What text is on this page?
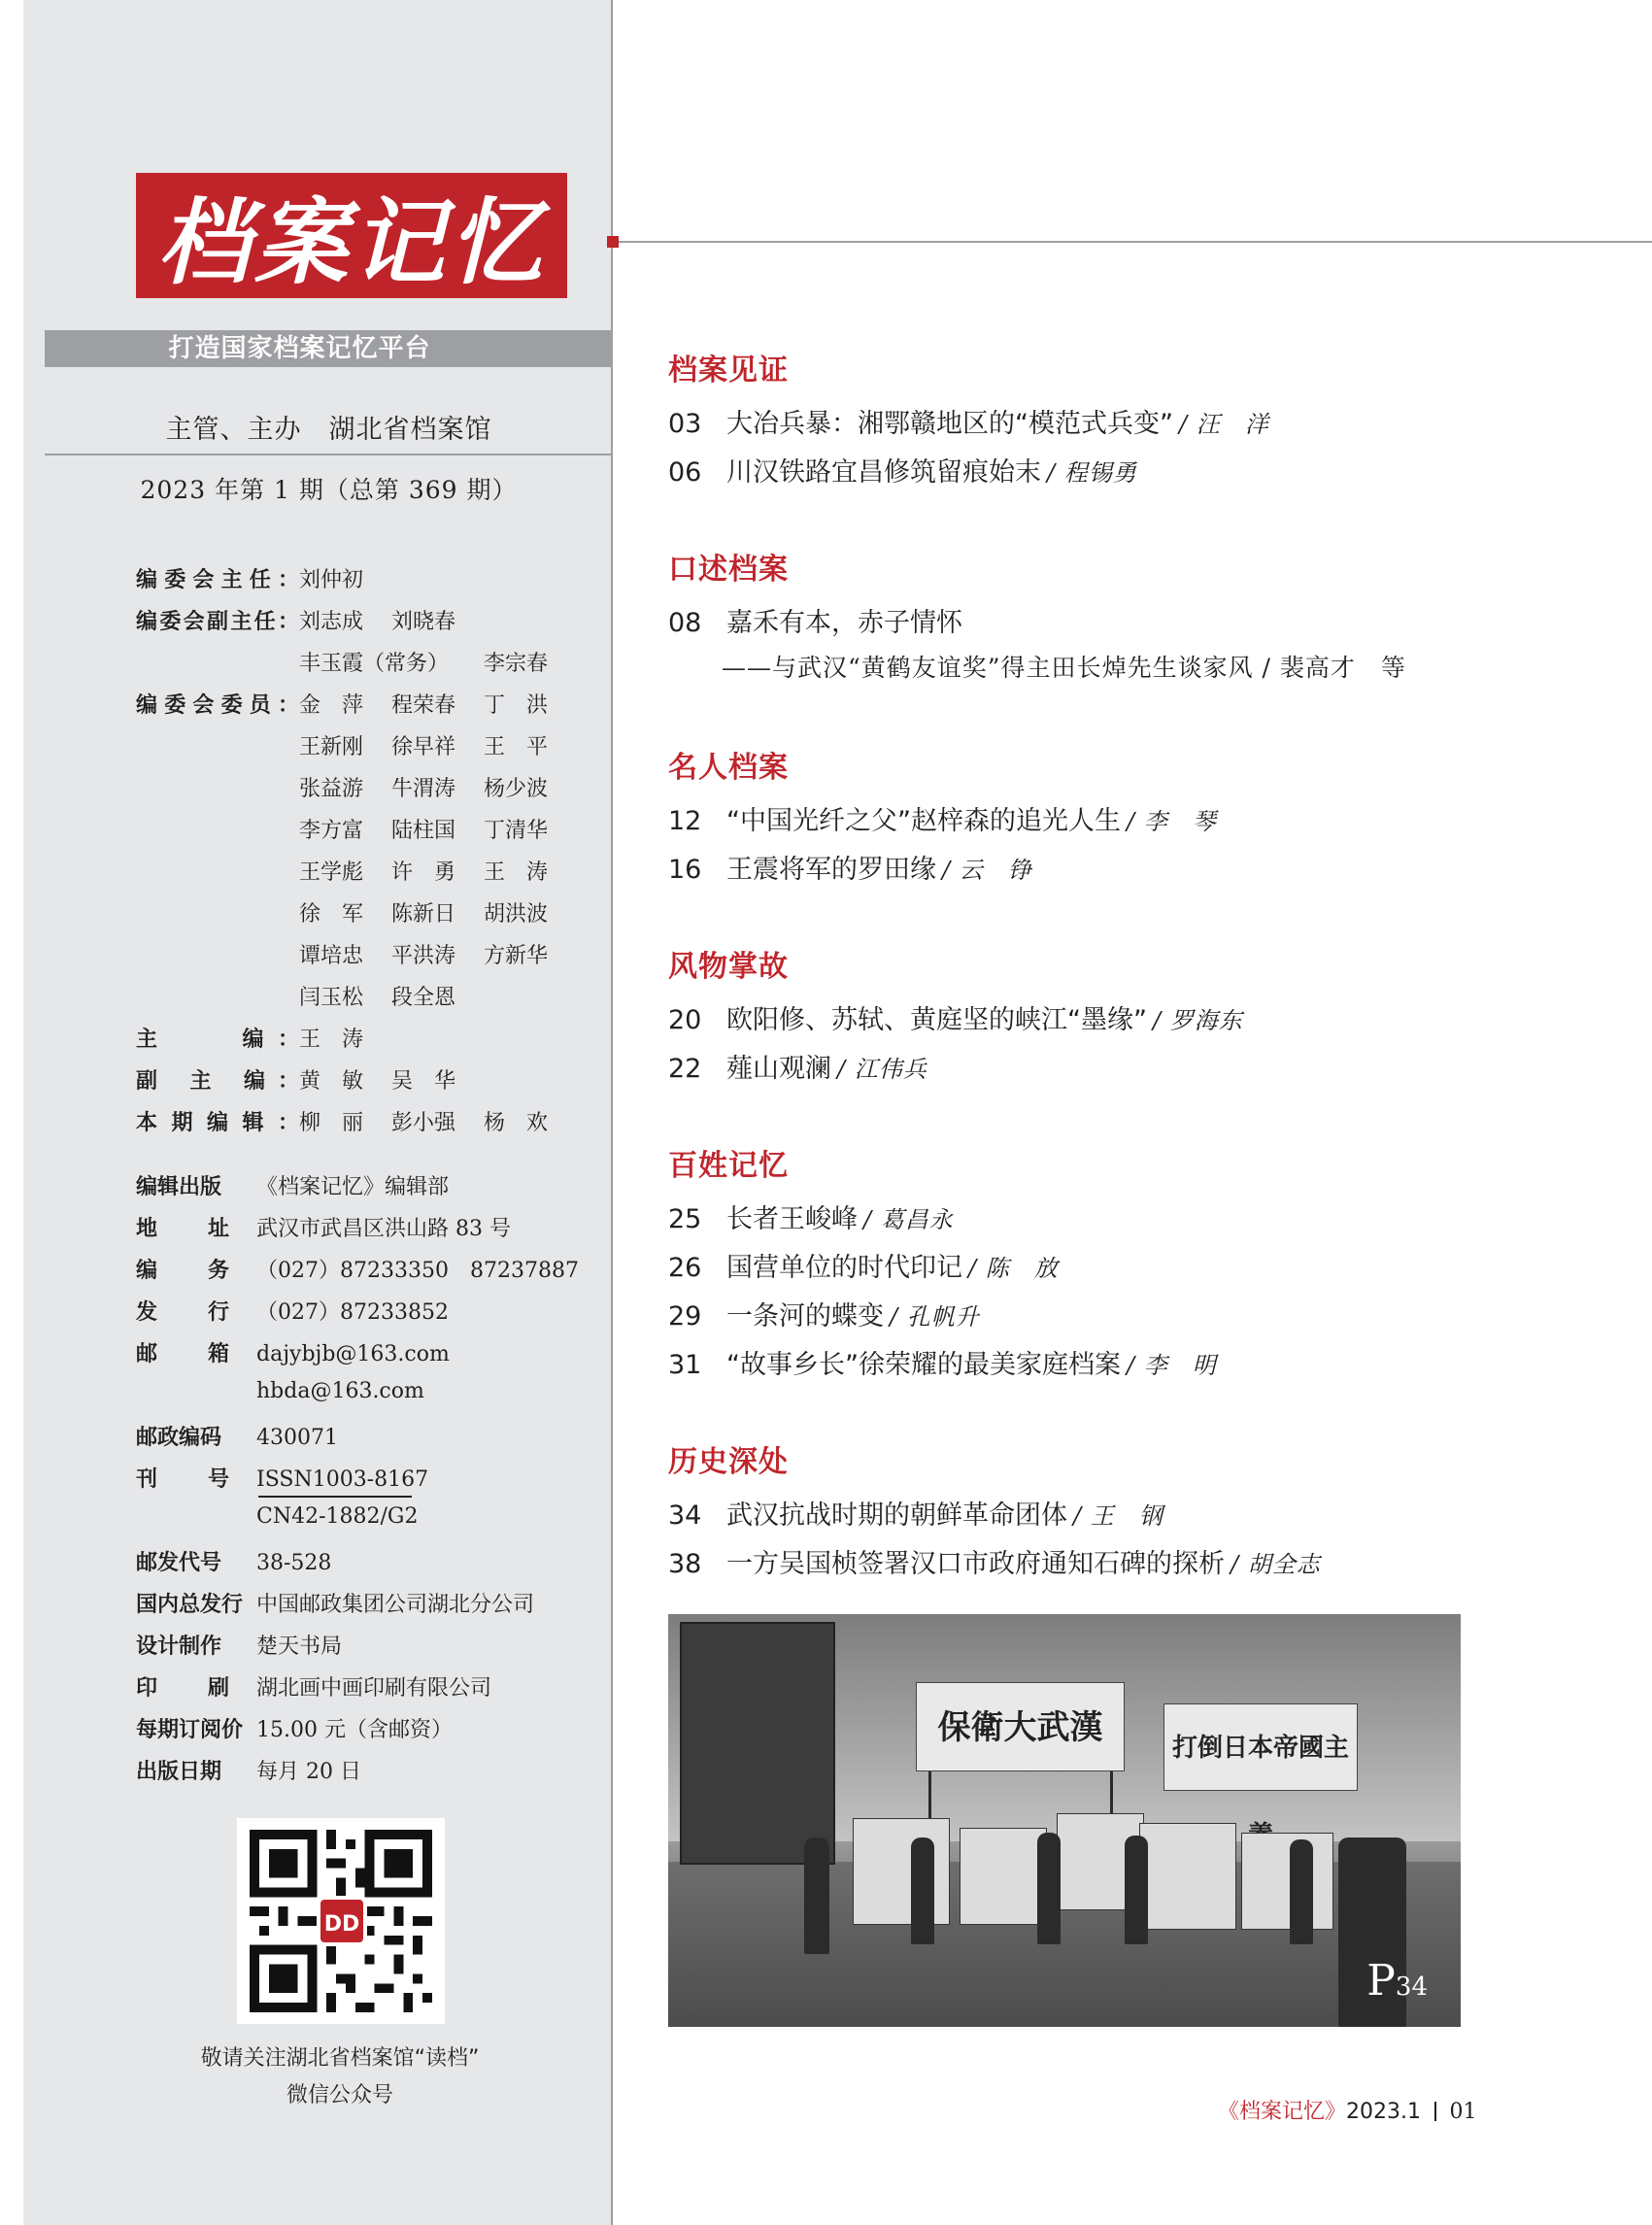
档案记忆
打造国家档案记忆平台
主管、主办　湖北省档案馆
2023 年第 1 期（总第 369 期）
编委会主任： 刘仲初
编委会副主任： 刘志成	刘晓春
丰玉霞（常务）	李宗春
编委会委员： 金　萍	程荣春	丁　洪
王新刚	徐早祥	王　平
张益游	牛渭涛	杨少波
李方富	陆柱国	丁清华
王学彪	许　勇	王　涛
徐　军	陈新日	胡洪波
谭培忠	平洪涛	方新华
闫玉松	段全恩
主　　编： 王　涛
副 主 编： 黄　敏	吴　华
本期编辑： 柳　丽	彭小强	杨　欢
编辑出版	《档案记忆》编辑部
地　址 武汉市武昌区洪山路 83 号
编　务 （027）87233350　87237887
发　行 （027）87233852
邮　箱 dajybjb@163.com
hbda@163.com
邮政编码	430071
刊　号 ISSN1003-8167
CN42-1882/G2
邮发代号	38-528
国内总发行 中国邮政集团公司湖北分公司
设计制作	楚天书局
印　刷 湖北画中画印刷有限公司
每期订阅价 15.00 元（含邮资）
出版日期	每月 20 日
DD
敬请关注湖北省档案馆“读档”
微信公众号
档案见证
03 大冶兵暴：湘鄂赣地区的“模范式兵变” / 汪　洋
06 川汉铁路宜昌修筑留痕始末 / 程锡勇
口述档案
08 嘉禾有本，赤子情怀
——与武汉“黄鹤友谊奖”得主田长焯先生谈家风 / 裴高才　等
名人档案
12 “中国光纤之父”赵梓森的追光人生 / 李　琴
16 王震将军的罗田缘 / 云　铮
风物掌故
20 欧阳修、苏轼、黄庭坚的峡江“墨缘” / 罗海东
22 薤山观澜 / 江伟兵
百姓记忆
25 长者王峻峰 / 葛昌永
26 国营单位的时代印记 / 陈　放
29 一条河的蝶变 / 孔帆升
31 “故事乡长”徐荣耀的最美家庭档案 / 李　明
历史深处
34 武汉抗战时期的朝鲜革命团体 / 王　钢
38 一方吴国桢签署汉口市政府通知石碑的探析 / 胡全志
保衛大武漢
打倒日本帝國主
P34
《档案记忆》2023.1 01
